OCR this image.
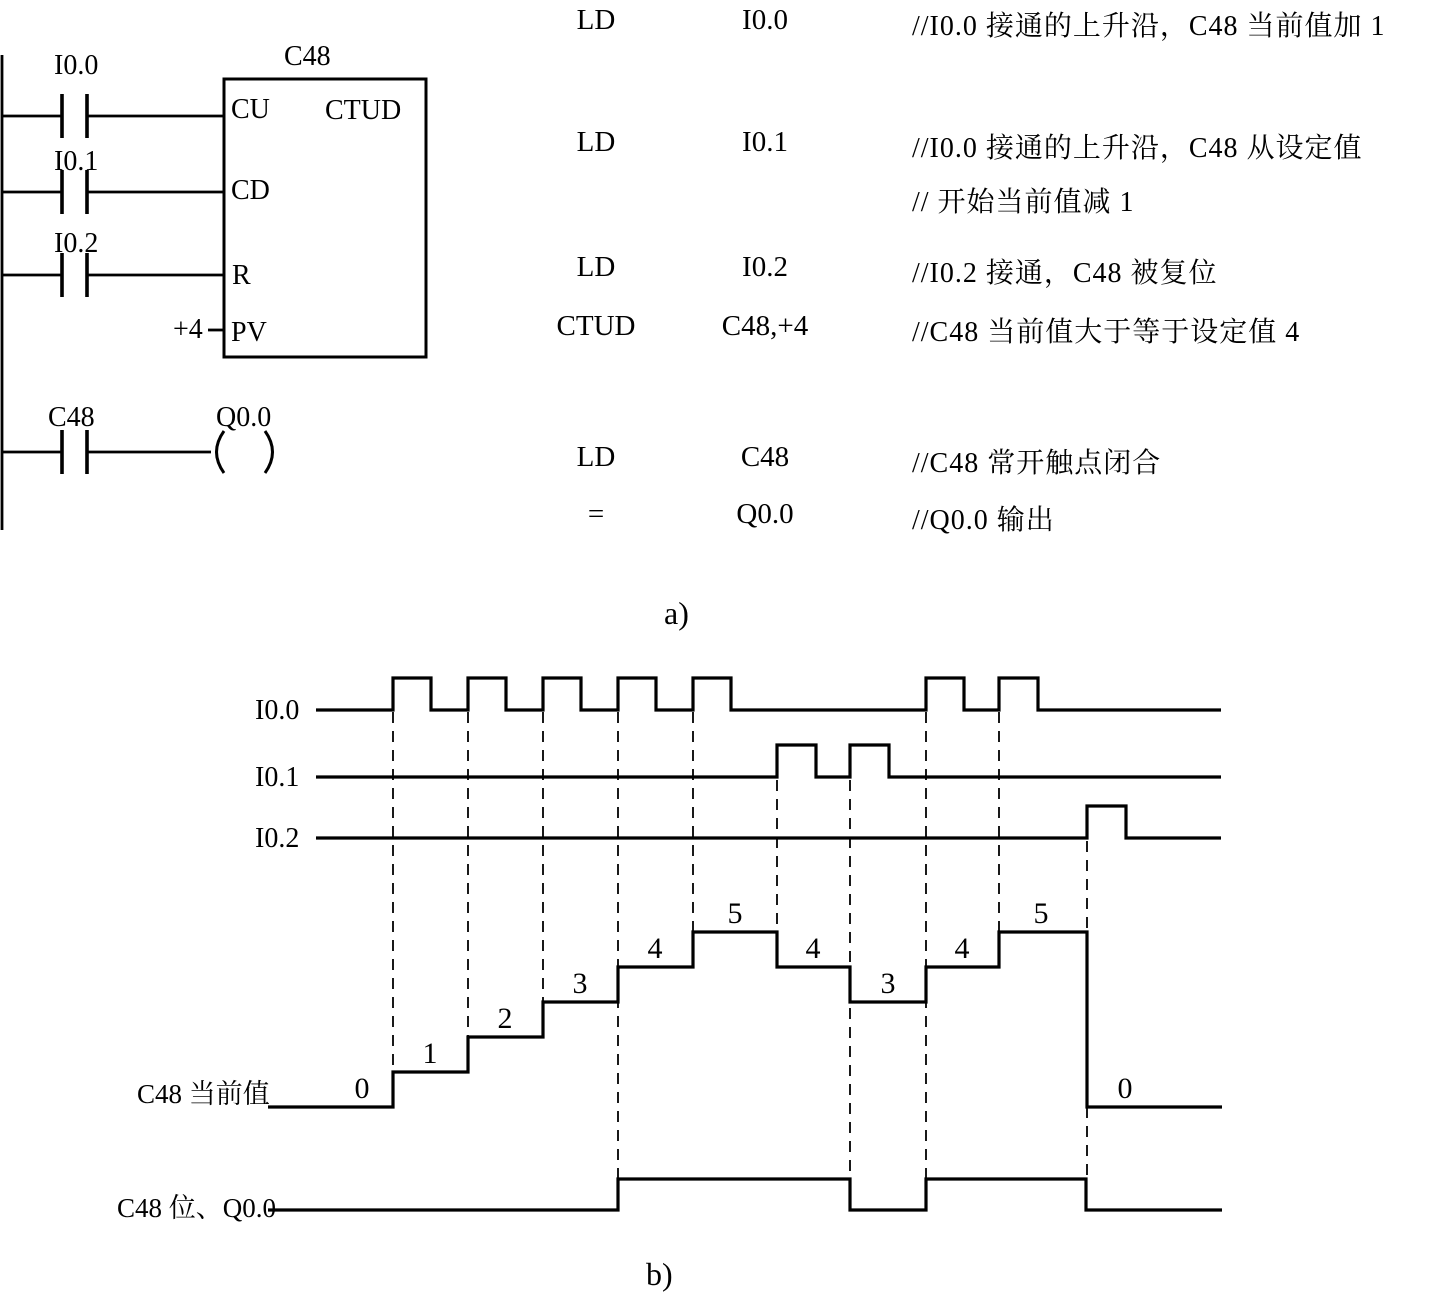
0
1
2
3
4
5
4
3
4
5
0
I0.0
I0.1
I0.2
C48	Q0.0
C48
CU CTUD
CD
R
PV
+4
LD	I0.0	//I0.0 接通的上升沿，C48 当前值加 1
LD	I0.1	//I0.0 接通的上升沿，C48 从设定值
// 开始当前值减 1
LD	I0.2	//I0.2 接通，C48 被复位
CTUD	C48,+4	//C48 当前值大于等于设定值 4
LD	C48	//C48 常开触点闭合
=	Q0.0	//Q0.0 输出
a)
b)
I0.0
I0.1
I0.2
C48 当前值
C48 位、Q0.0
